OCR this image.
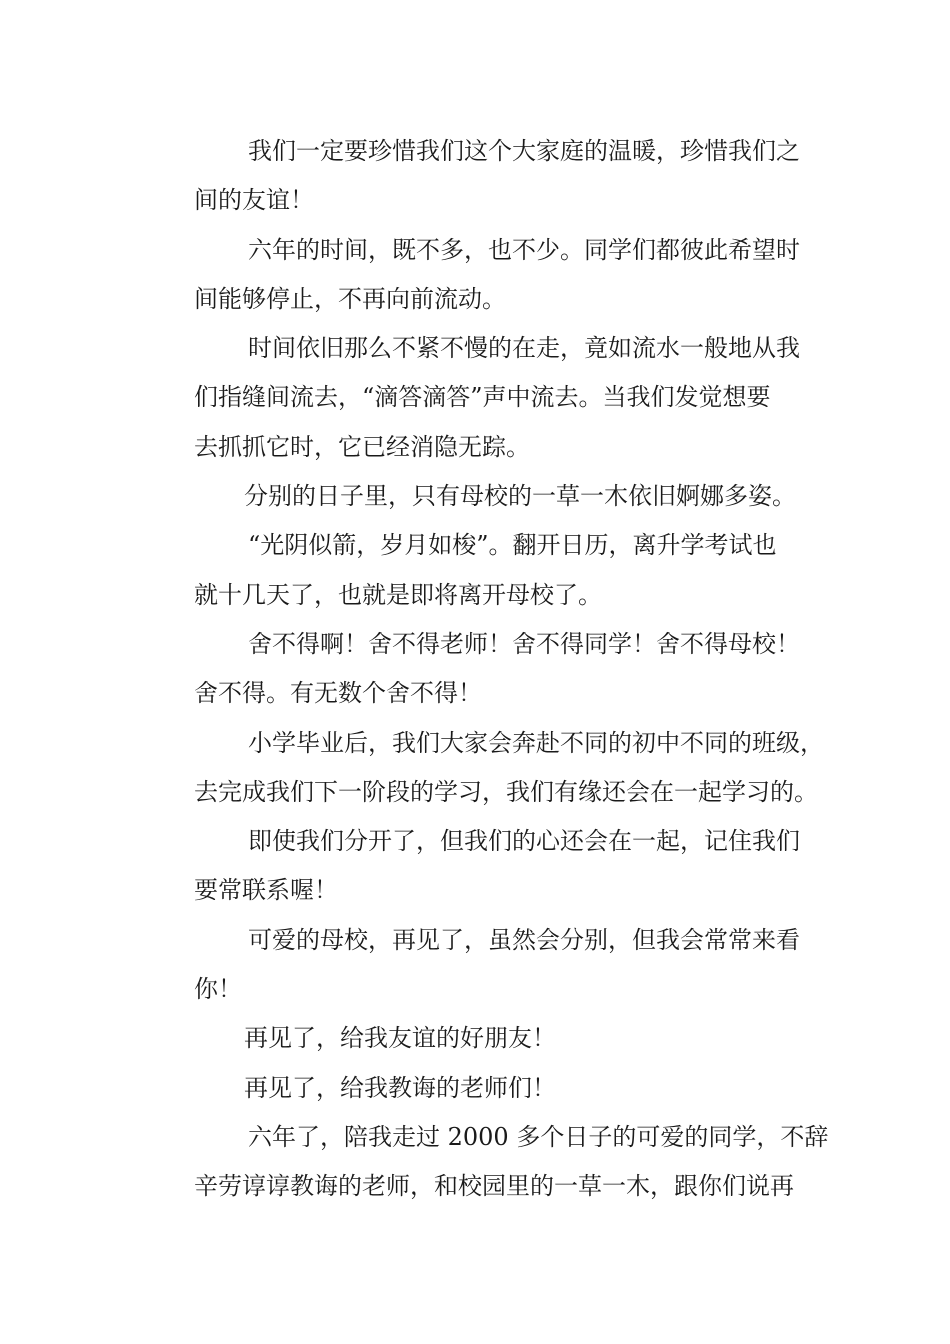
我们一定要珍惜我们这个大家庭的温暖，珍惜我们之
间的友谊！
六年的时间，既不多，也不少。同学们都彼此希望时
间能够停止，不再向前流动。
时间依旧那么不紧不慢的在走，竟如流水一般地从我
们指缝间流去，“滴答滴答”声中流去。当我们发觉想要
去抓抓它时，它已经消隐无踪。
分别的日子里，只有母校的一草一木依旧婀娜多姿。
“光阴似箭，岁月如梭”。翻开日历，离升学考试也
就十几天了，也就是即将离开母校了。
舍不得啊！舍不得老师！舍不得同学！舍不得母校！
舍不得。有无数个舍不得！
小学毕业后，我们大家会奔赴不同的初中不同的班级，
去完成我们下一阶段的学习，我们有缘还会在一起学习的。
即使我们分开了，但我们的心还会在一起，记住我们
要常联系喔！
可爱的母校，再见了，虽然会分别，但我会常常来看
你！
再见了，给我友谊的好朋友！
再见了，给我教诲的老师们！
六年了，陪我走过 2000 多个日子的可爱的同学，不辞
辛劳谆谆教诲的老师，和校园里的一草一木，跟你们说再
